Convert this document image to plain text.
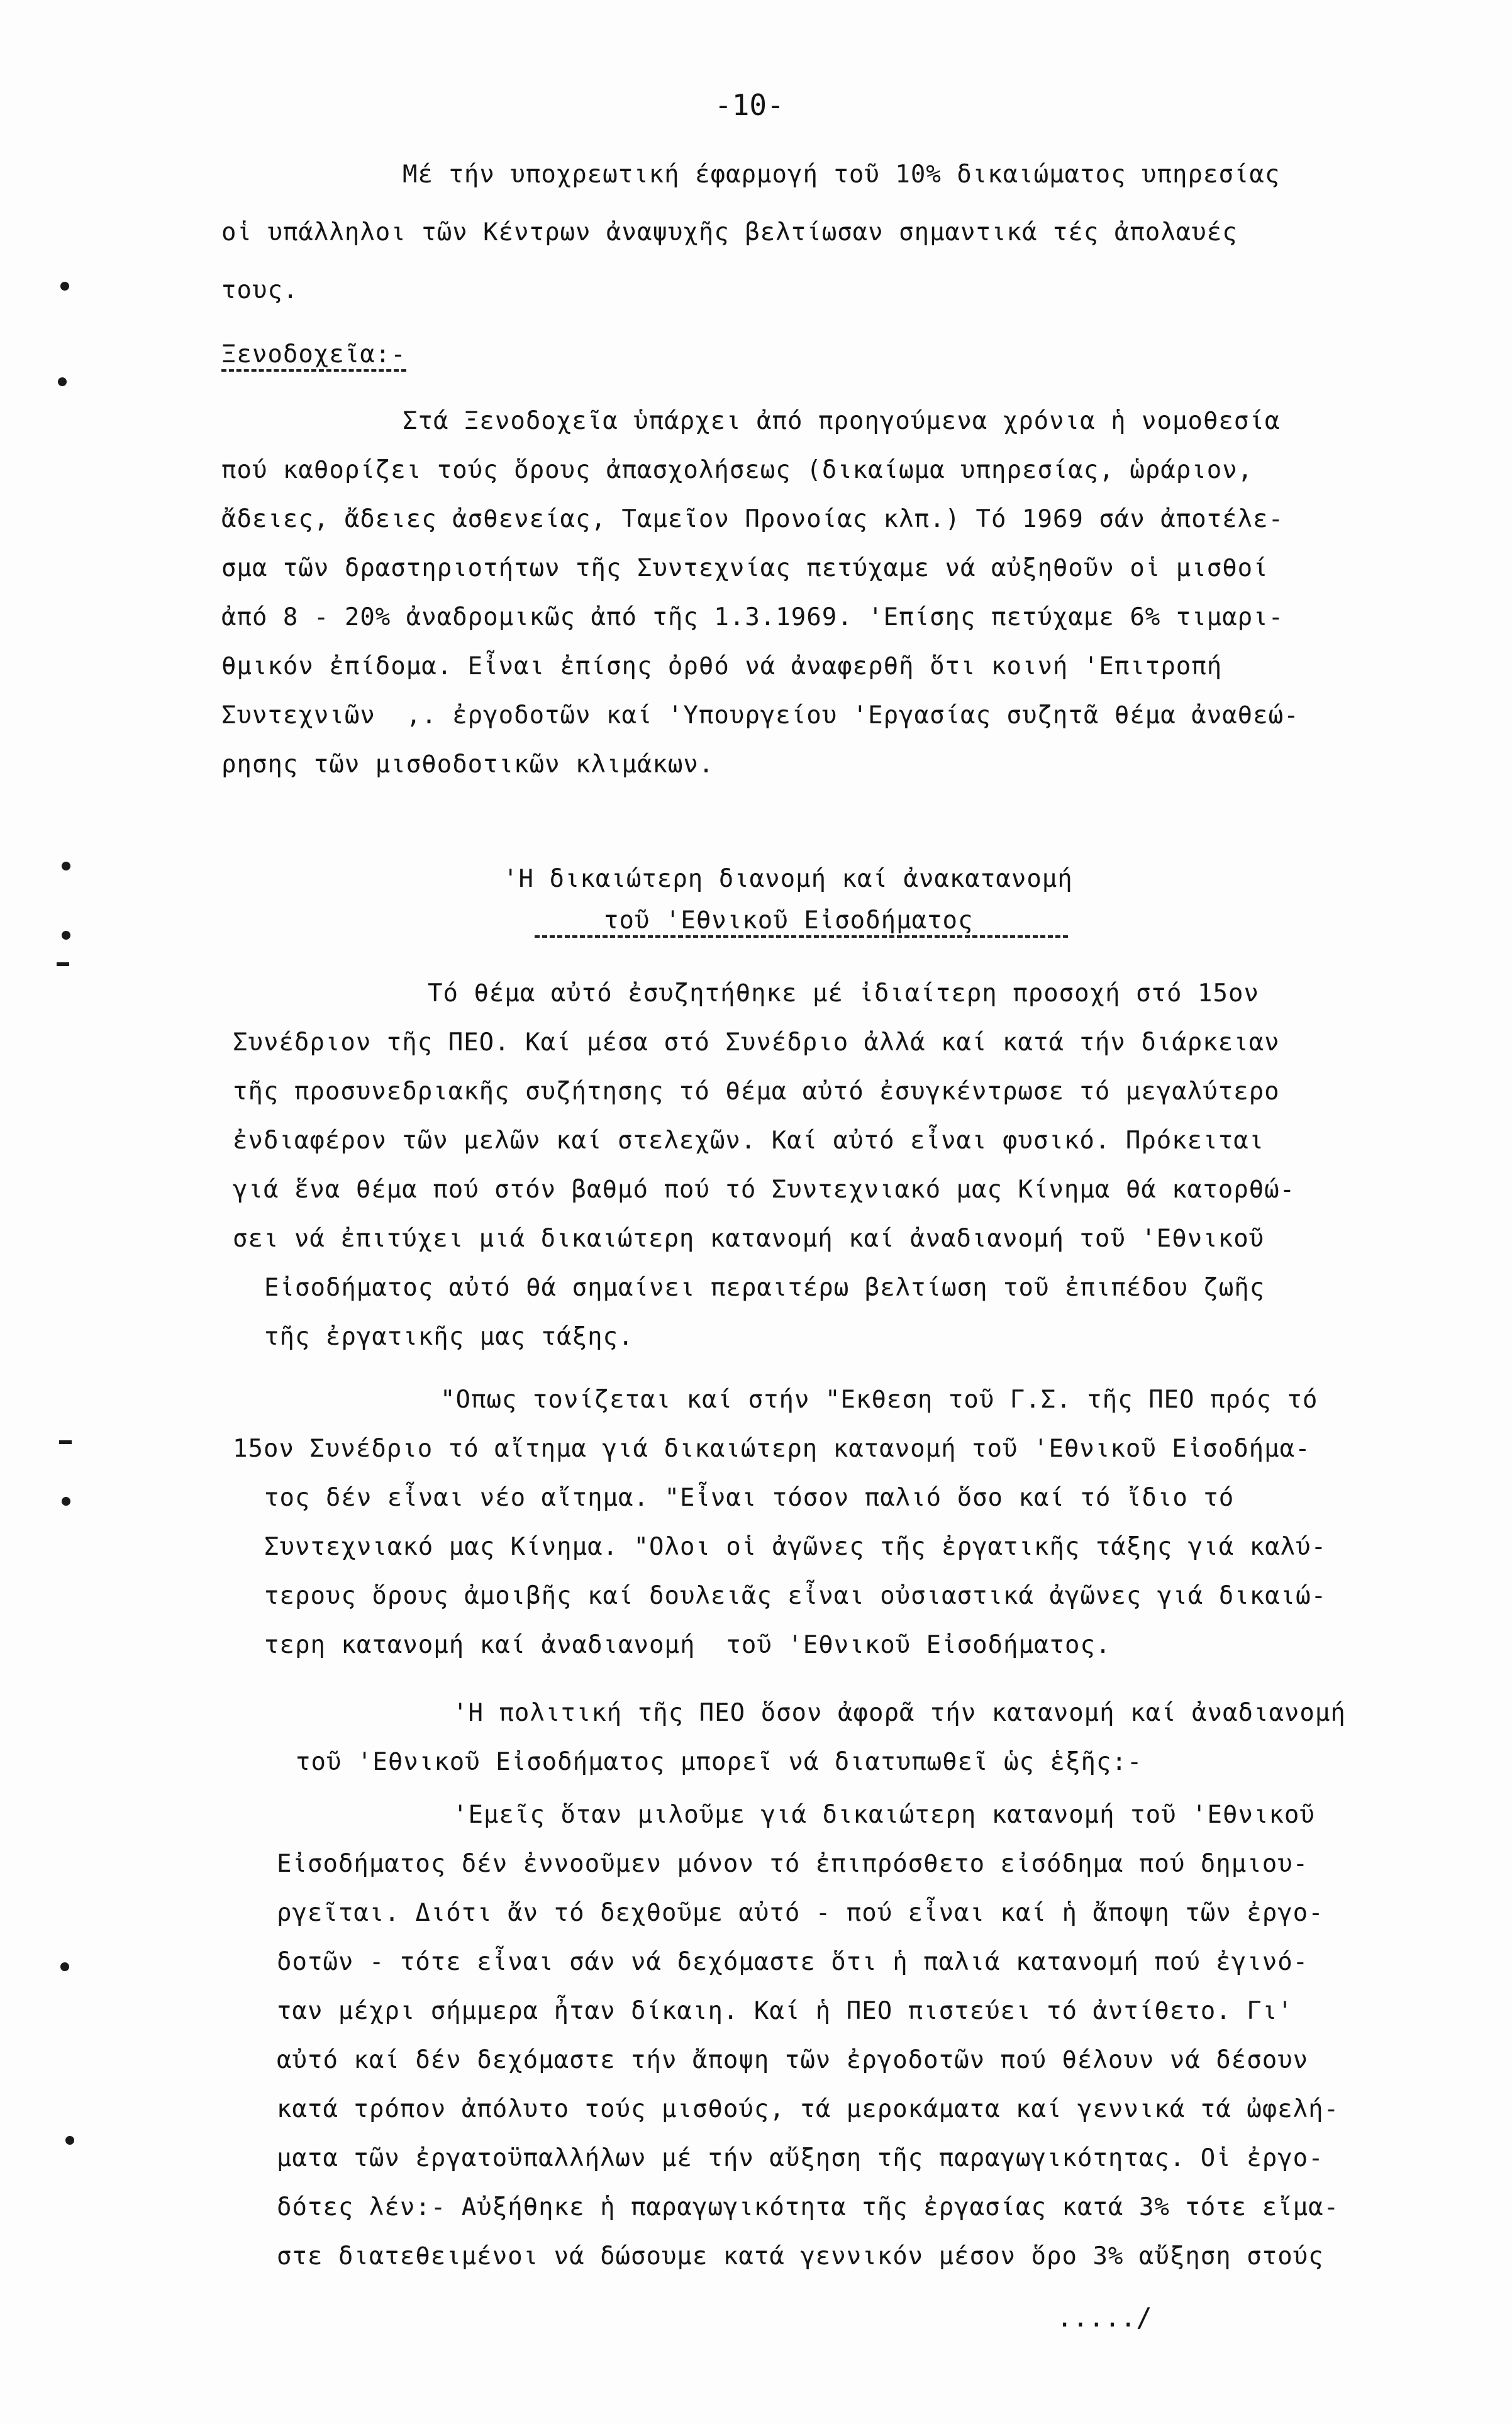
-10-
Μέ τήν υποχρεωτική έφαρμογή τοῦ 10% δικαιώματος υπηρεσίας
οἱ υπάλληλοι τῶν Κέντρων ἀναψυχῆς βελτίωσαν σημαντικά τές ἀπολαυές
τους.
Ξενοδοχεῖα:-
Στά Ξενοδοχεῖα ὑπάρχει ἀπό προηγούμενα χρόνια ἡ νομοθεσία
πού καθορίζει τούς ὅρους ἀπασχολήσεως (δικαίωμα υπηρεσίας, ὡράριον,
ἄδειες, ἄδειες ἀσθενείας, Ταμεῖον Προνοίας κλπ.) Τό 1969 σάν ἀποτέλε-
σμα τῶν δραστηριοτήτων τῆς Συντεχνίας πετύχαμε νά αὐξηθοῦν οἱ μισθοί
ἀπό 8 - 20% ἀναδρομικῶς ἀπό τῆς 1.3.1969. 'Επίσης πετύχαμε 6% τιμαρι-
θμικόν ἐπίδομα. Εἶναι ἐπίσης ὀρθό νά ἀναφερθῆ ὅτι κοινή 'Επιτροπή
Συντεχνιῶν  ,. ἐργοδοτῶν καί 'Υπουργείου 'Εργασίας συζητᾶ θέμα ἀναθεώ-
ρησης τῶν μισθοδοτικῶν κλιμάκων.
'Η δικαιώτερη διανομή καί ἀνακατανομή
τοῦ 'Εθνικοῦ Εἰσοδήματος
Τό θέμα αὐτό ἐσυζητήθηκε μέ ἰδιαίτερη προσοχή στό 15ον
Συνέδριον τῆς ΠΕΟ. Καί μέσα στό Συνέδριο ἀλλά καί κατά τήν διάρκειαν
τῆς προσυνεδριακῆς συζήτησης τό θέμα αὐτό ἐσυγκέντρωσε τό μεγαλύτερο
ἐνδιαφέρον τῶν μελῶν καί στελεχῶν. Καί αὐτό εἶναι φυσικό. Πρόκειται
γιά ἕνα θέμα πού στόν βαθμό πού τό Συντεχνιακό μας Κίνημα θά κατορθώ-
σει νά ἐπιτύχει μιά δικαιώτερη κατανομή καί ἀναδιανομή τοῦ 'Εθνικοῦ
Εἰσοδήματος αὐτό θά σημαίνει περαιτέρω βελτίωση τοῦ ἐπιπέδου ζωῆς
τῆς ἐργατικῆς μας τάξης.
"Οπως τονίζεται καί στήν "Εκθεση τοῦ Γ.Σ. τῆς ΠΕΟ πρός τό
15ον Συνέδριο τό αἴτημα γιά δικαιώτερη κατανομή τοῦ 'Εθνικοῦ Εἰσοδήμα-
τος δέν εἶναι νέο αἴτημα. "Εἶναι τόσον παλιό ὅσο καί τό ἴδιο τό
Συντεχνιακό μας Κίνημα. "Ολοι οἱ ἀγῶνες τῆς ἐργατικῆς τάξης γιά καλύ-
τερους ὅρους ἀμοιβῆς καί δουλειᾶς εἶναι οὐσιαστικά ἀγῶνες γιά δικαιώ-
τερη κατανομή καί ἀναδιανομή  τοῦ 'Εθνικοῦ Εἰσοδήματος.
'Η πολιτική τῆς ΠΕΟ ὅσον ἀφορᾶ τήν κατανομή καί ἀναδιανομή
τοῦ 'Εθνικοῦ Εἰσοδήματος μπορεῖ νά διατυπωθεῖ ὡς ἑξῆς:-
'Εμεῖς ὅταν μιλοῦμε γιά δικαιώτερη κατανομή τοῦ 'Εθνικοῦ
Εἰσοδήματος δέν ἐννοοῦμεν μόνον τό ἐπιπρόσθετο εἰσόδημα πού δημιου-
ργεῖται. Διότι ἄν τό δεχθοῦμε αὐτό - πού εἶναι καί ἡ ἄποψη τῶν ἐργο-
δοτῶν - τότε εἶναι σάν νά δεχόμαστε ὅτι ἡ παλιά κατανομή πού ἐγινό-
ταν μέχρι σήμμερα ἦταν δίκαιη. Καί ἡ ΠΕΟ πιστεύει τό ἀντίθετο. Γι'
αὐτό καί δέν δεχόμαστε τήν ἄποψη τῶν ἐργοδοτῶν πού θέλουν νά δέσουν
κατά τρόπον ἀπόλυτο τούς μισθούς, τά μεροκάματα καί γεννικά τά ὠφελή-
ματα τῶν ἐργατοϋπαλλήλων μέ τήν αὔξηση τῆς παραγωγικότητας. Οἱ ἐργο-
δότες λέν:- Αὐξήθηκε ἡ παραγωγικότητα τῆς ἐργασίας κατά 3% τότε εἴμα-
.....∕
στε διατεθειμένοι νά δώσουμε κατά γεννικόν μέσον ὅρο 3% αὔξηση στούς
